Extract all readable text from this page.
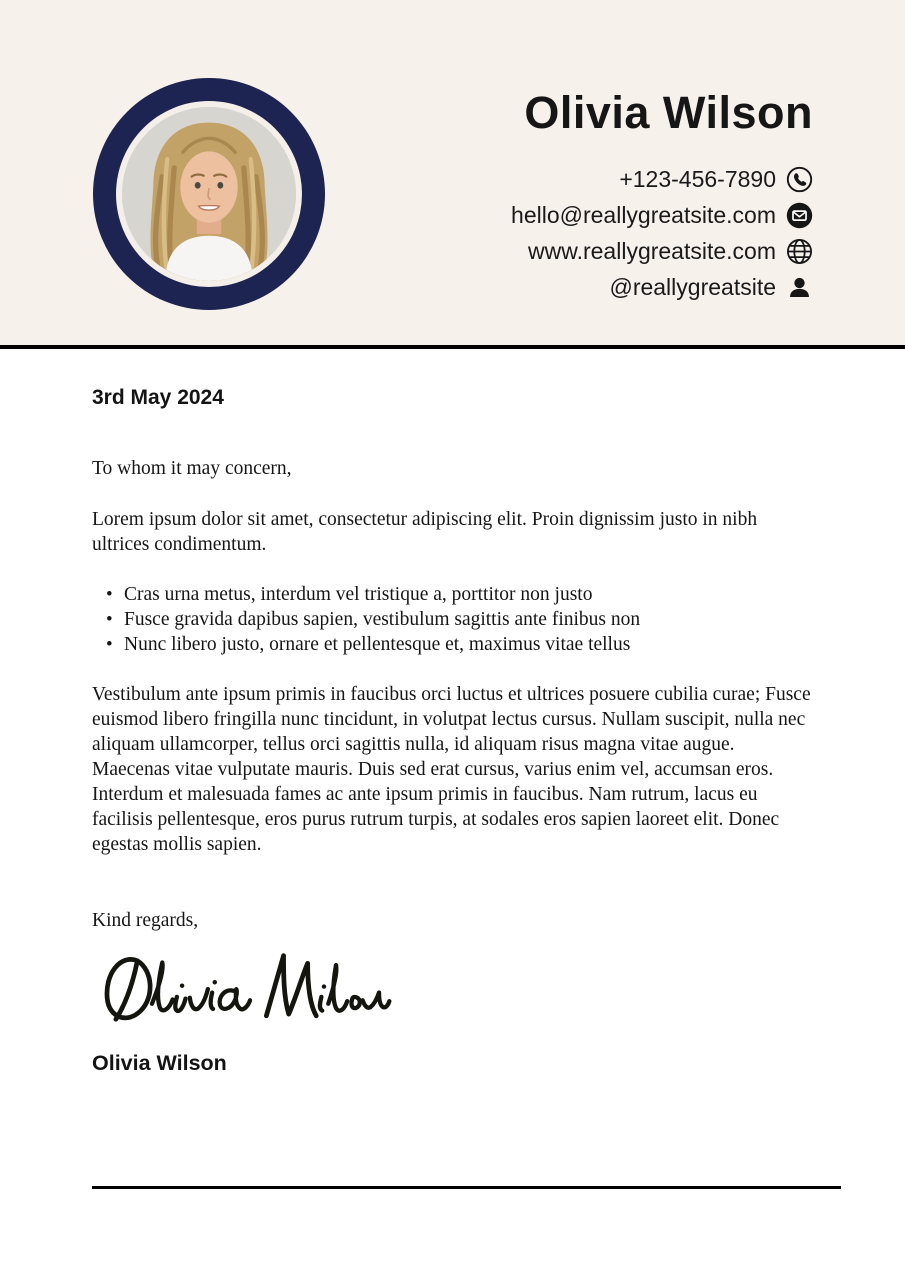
Olivia Wilson
+123-456-7890
hello@reallygreatsite.com
www.reallygreatsite.com
@reallygreatsite

3rd May 2024

To whom it may concern,

Lorem ipsum dolor sit amet, consectetur adipiscing elit. Proin dignissim justo in nibh ultrices condimentum.

• Cras urna metus, interdum vel tristique a, porttitor non justo
• Fusce gravida dapibus sapien, vestibulum sagittis ante finibus non
• Nunc libero justo, ornare et pellentesque et, maximus vitae tellus

Vestibulum ante ipsum primis in faucibus orci luctus et ultrices posuere cubilia curae; Fusce euismod libero fringilla nunc tincidunt, in volutpat lectus cursus. Nullam suscipit, nulla nec aliquam ullamcorper, tellus orci sagittis nulla, id aliquam risus magna vitae augue. Maecenas vitae vulputate mauris. Duis sed erat cursus, varius enim vel, accumsan eros. Interdum et malesuada fames ac ante ipsum primis in faucibus. Nam rutrum, lacus eu facilisis pellentesque, eros purus rutrum turpis, at sodales eros sapien laoreet elit. Donec egestas mollis sapien.

Kind regards,

Olivia Wilson
